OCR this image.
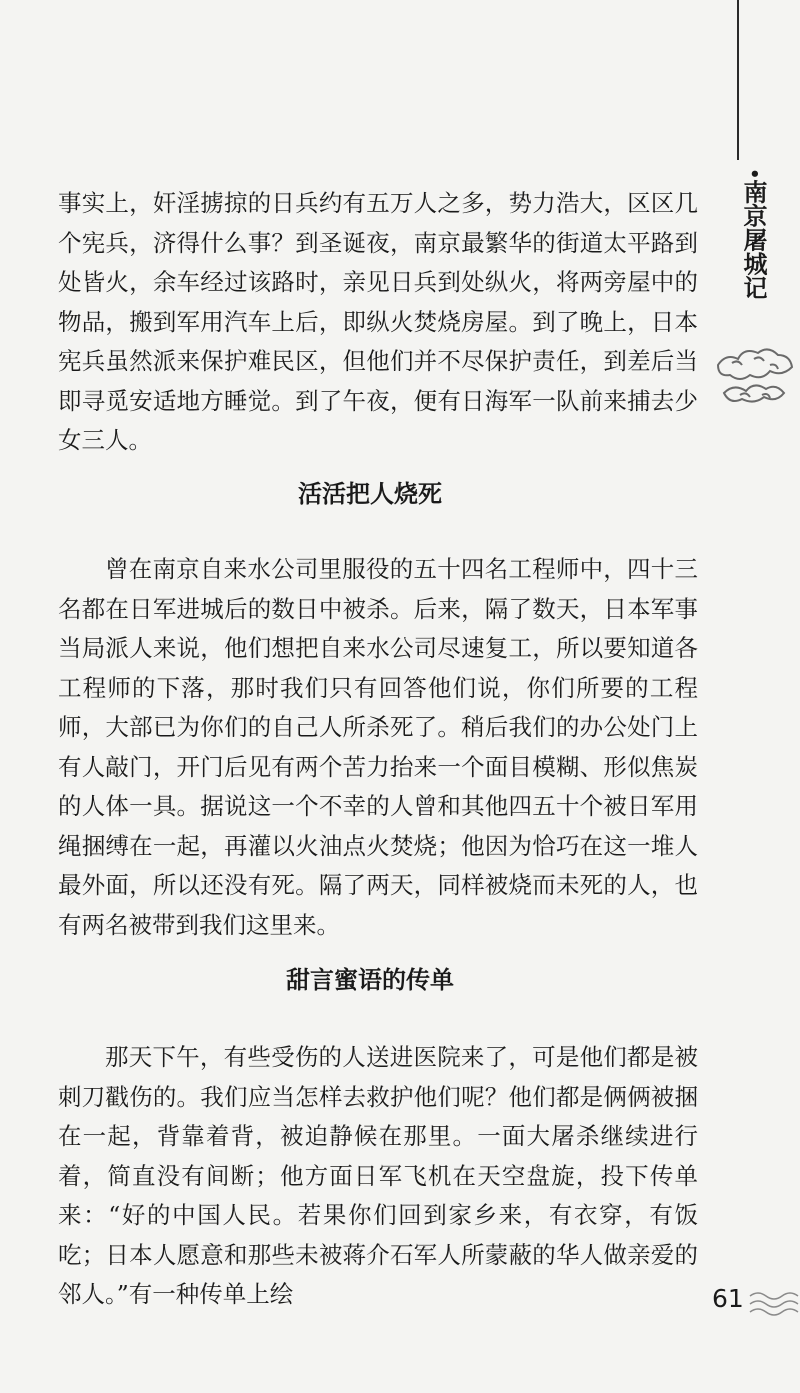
•南京屠城记

事实上，奸淫掳掠的日兵约有五万人之多，势力浩大，区区几个宪兵，济得什么事？到圣诞夜，南京最繁华的街道太平路到处皆火，余车经过该路时，亲见日兵到处纵火，将两旁屋中的物品，搬到军用汽车上后，即纵火焚烧房屋。到了晚上，日本宪兵虽然派来保护难民区，但他们并不尽保护责任，到差后当即寻觅安适地方睡觉。到了午夜，便有日海军一队前来捕去少女三人。

活活把人烧死

曾在南京自来水公司里服役的五十四名工程师中，四十三名都在日军进城后的数日中被杀。后来，隔了数天，日本军事当局派人来说，他们想把自来水公司尽速复工，所以要知道各工程师的下落，那时我们只有回答他们说，你们所要的工程师，大部已为你们的自己人所杀死了。稍后我们的办公处门上有人敲门，开门后见有两个苦力抬来一个面目模糊、形似焦炭的人体一具。据说这一个不幸的人曾和其他四五十个被日军用绳捆缚在一起，再灌以火油点火焚烧；他因为恰巧在这一堆人最外面，所以还没有死。隔了两天，同样被烧而未死的人，也有两名被带到我们这里来。

甜言蜜语的传单

那天下午，有些受伤的人送进医院来了，可是他们都是被刺刀戳伤的。我们应当怎样去救护他们呢？他们都是俩俩被捆在一起，背靠着背，被迫静候在那里。一面大屠杀继续进行着，简直没有间断；他方面日军飞机在天空盘旋，投下传单来：“好的中国人民。若果你们回到家乡来，有衣穿，有饭吃；日本人愿意和那些未被蒋介石军人所蒙蔽的华人做亲爱的邻人。”有一种传单上绘	61
